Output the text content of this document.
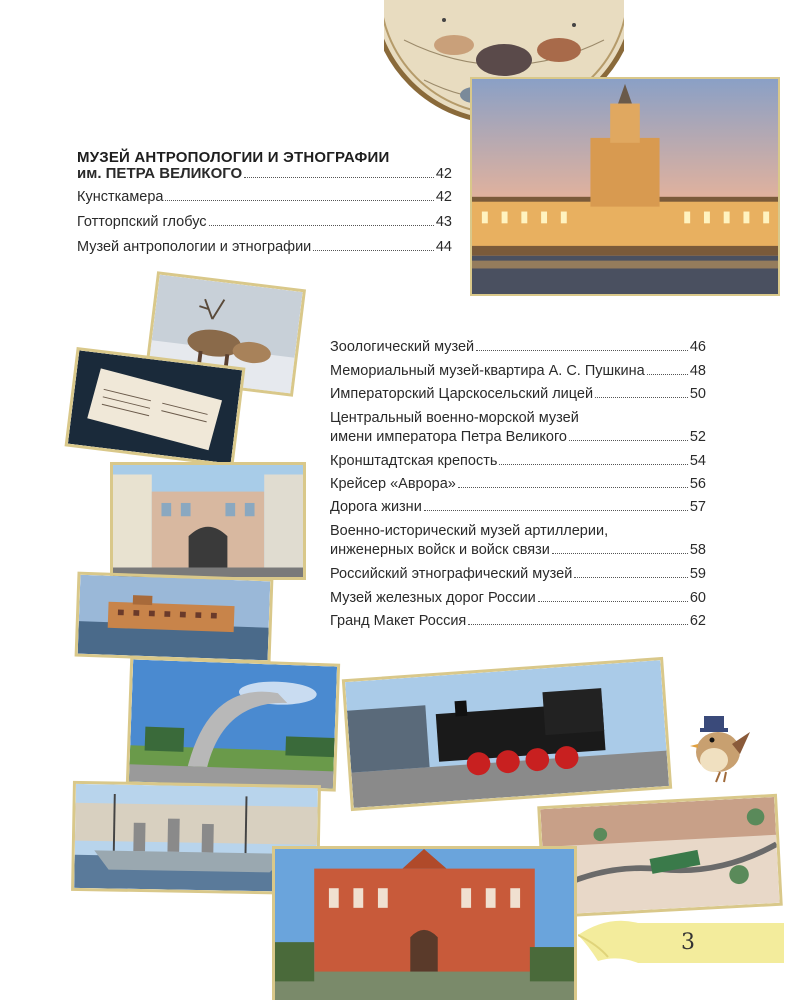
3
МУЗЕЙ АНТРОПОЛОГИИ И ЭТНОГРАФИИ
им. ПЕТРА ВЕЛИКОГО	42
Кунсткамера	42
Готторпский глобус	43
Музей антропологии и этнографии	44
Зоологический музей	46
Мемориальный музей-квартира А. С. Пушкина	48
Императорский Царскосельский лицей	50
Центральный военно-морской музей
имени императора Петра Великого	52
Кронштадтская крепость	54
Крейсер «Аврора»	56
Дорога жизни	57
Военно-исторический музей артиллерии,
инженерных войск и войск связи	58
Российский этнографический музей	59
Музей железных дорог России	60
Гранд Макет Россия	62
